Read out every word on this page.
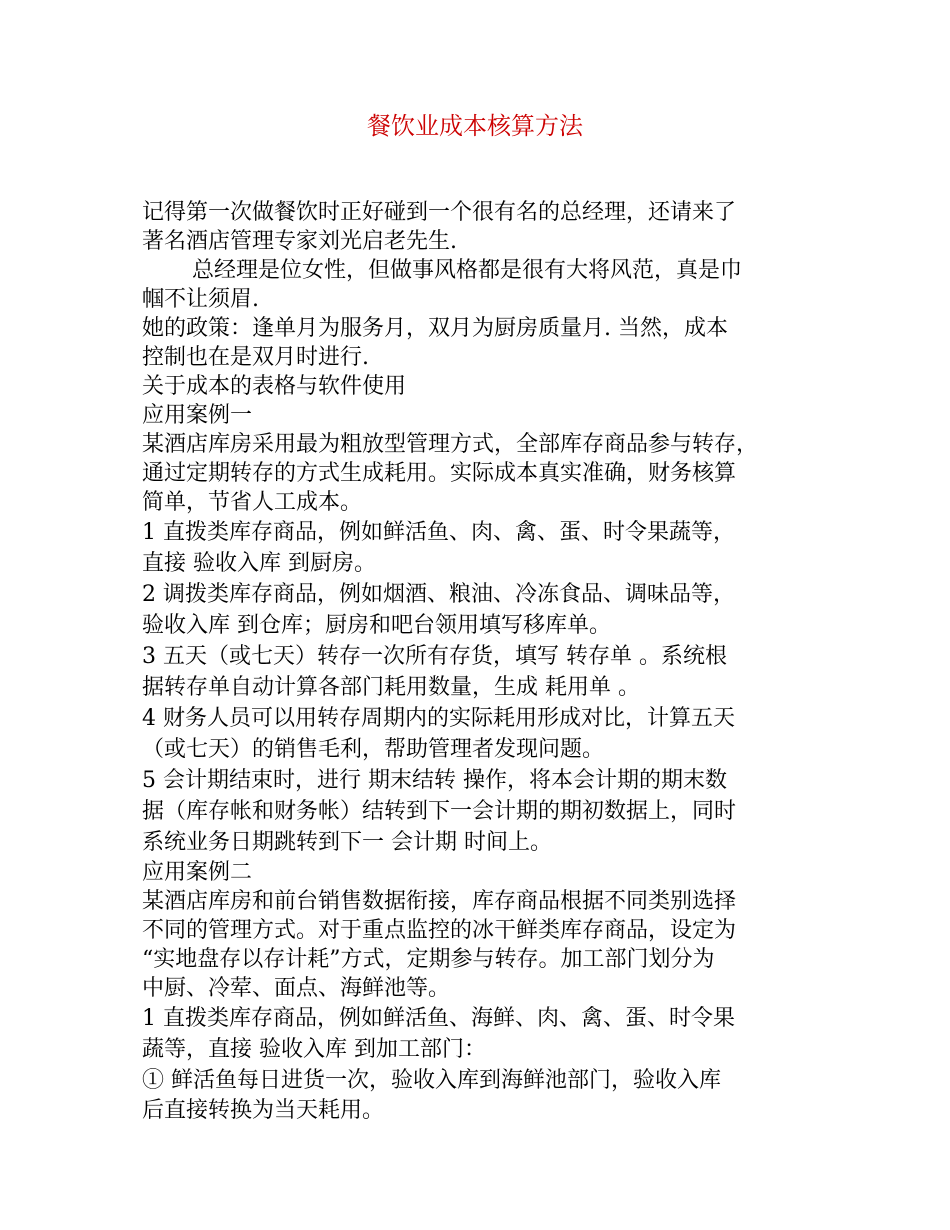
餐饮业成本核算方法
记得第一次做餐饮时正好碰到一个很有名的总经理，还请来了
著名酒店管理专家刘光启老先生.
总经理是位女性，但做事风格都是很有大将风范，真是巾
帼不让须眉.
她的政策：逢单月为服务月，双月为厨房质量月. 当然，成本
控制也在是双月时进行.
关于成本的表格与软件使用
应用案例一
某酒店库房采用最为粗放型管理方式，全部库存商品参与转存，
通过定期转存的方式生成耗用。实际成本真实准确，财务核算
简单，节省人工成本。
1 直拨类库存商品，例如鲜活鱼、肉、禽、蛋、时令果蔬等，
直接 验收入库 到厨房。
2 调拨类库存商品，例如烟酒、粮油、冷冻食品、调味品等，
验收入库 到仓库；厨房和吧台领用填写移库单。
3 五天（或七天）转存一次所有存货，填写 转存单 。系统根
据转存单自动计算各部门耗用数量，生成 耗用单 。
4 财务人员可以用转存周期内的实际耗用形成对比，计算五天
（或七天）的销售毛利，帮助管理者发现问题。
5 会计期结束时，进行 期末结转 操作，将本会计期的期末数
据（库存帐和财务帐）结转到下一会计期的期初数据上，同时
系统业务日期跳转到下一 会计期 时间上。
应用案例二
某酒店库房和前台销售数据衔接，库存商品根据不同类别选择
不同的管理方式。对于重点监控的冰干鲜类库存商品，设定为
“实地盘存以存计耗”方式，定期参与转存。加工部门划分为
中厨、冷荤、面点、海鲜池等。
1 直拨类库存商品，例如鲜活鱼、海鲜、肉、禽、蛋、时令果
蔬等，直接 验收入库 到加工部门：
① 鲜活鱼每日进货一次，验收入库到海鲜池部门，验收入库
后直接转换为当天耗用。
